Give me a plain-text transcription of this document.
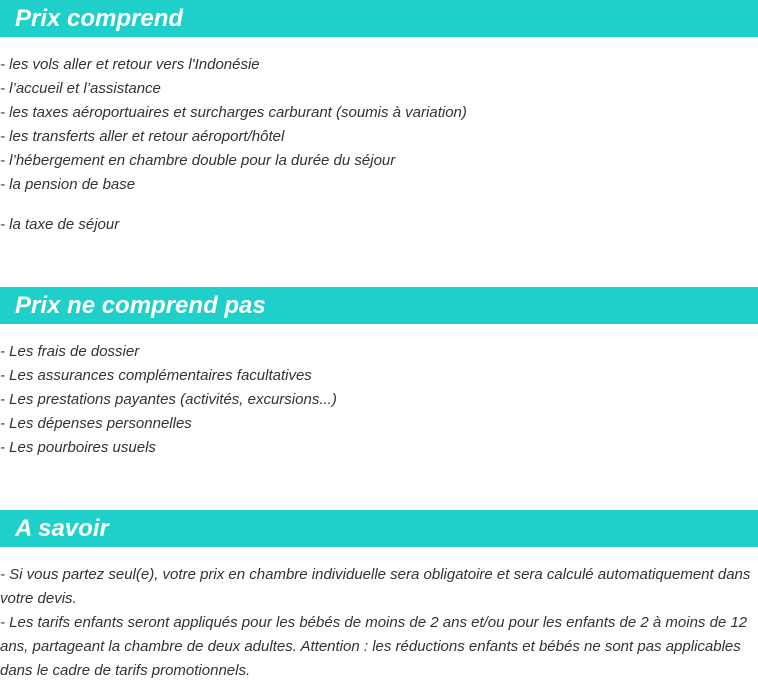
Prix comprend
- les vols aller et retour vers l'Indonésie
- l’accueil et l’assistance
- les taxes aéroportuaires et surcharges carburant (soumis à variation)
- les transferts aller et retour aéroport/hôtel
- l’hébergement en chambre double pour la durée du séjour
- la pension de base
- la taxe de séjour
Prix ne comprend pas
- Les frais de dossier
- Les assurances complémentaires facultatives
- Les prestations payantes (activités, excursions...)
- Les dépenses personnelles
- Les pourboires usuels
A savoir
- Si vous partez seul(e), votre prix en chambre individuelle sera obligatoire et sera calculé automatiquement dans votre devis.
- Les tarifs enfants seront appliqués pour les bébés de moins de 2 ans et/ou pour les enfants de 2 à moins de 12 ans, partageant la chambre de deux adultes. Attention : les réductions enfants et bébés ne sont pas applicables dans le cadre de tarifs promotionnels.
